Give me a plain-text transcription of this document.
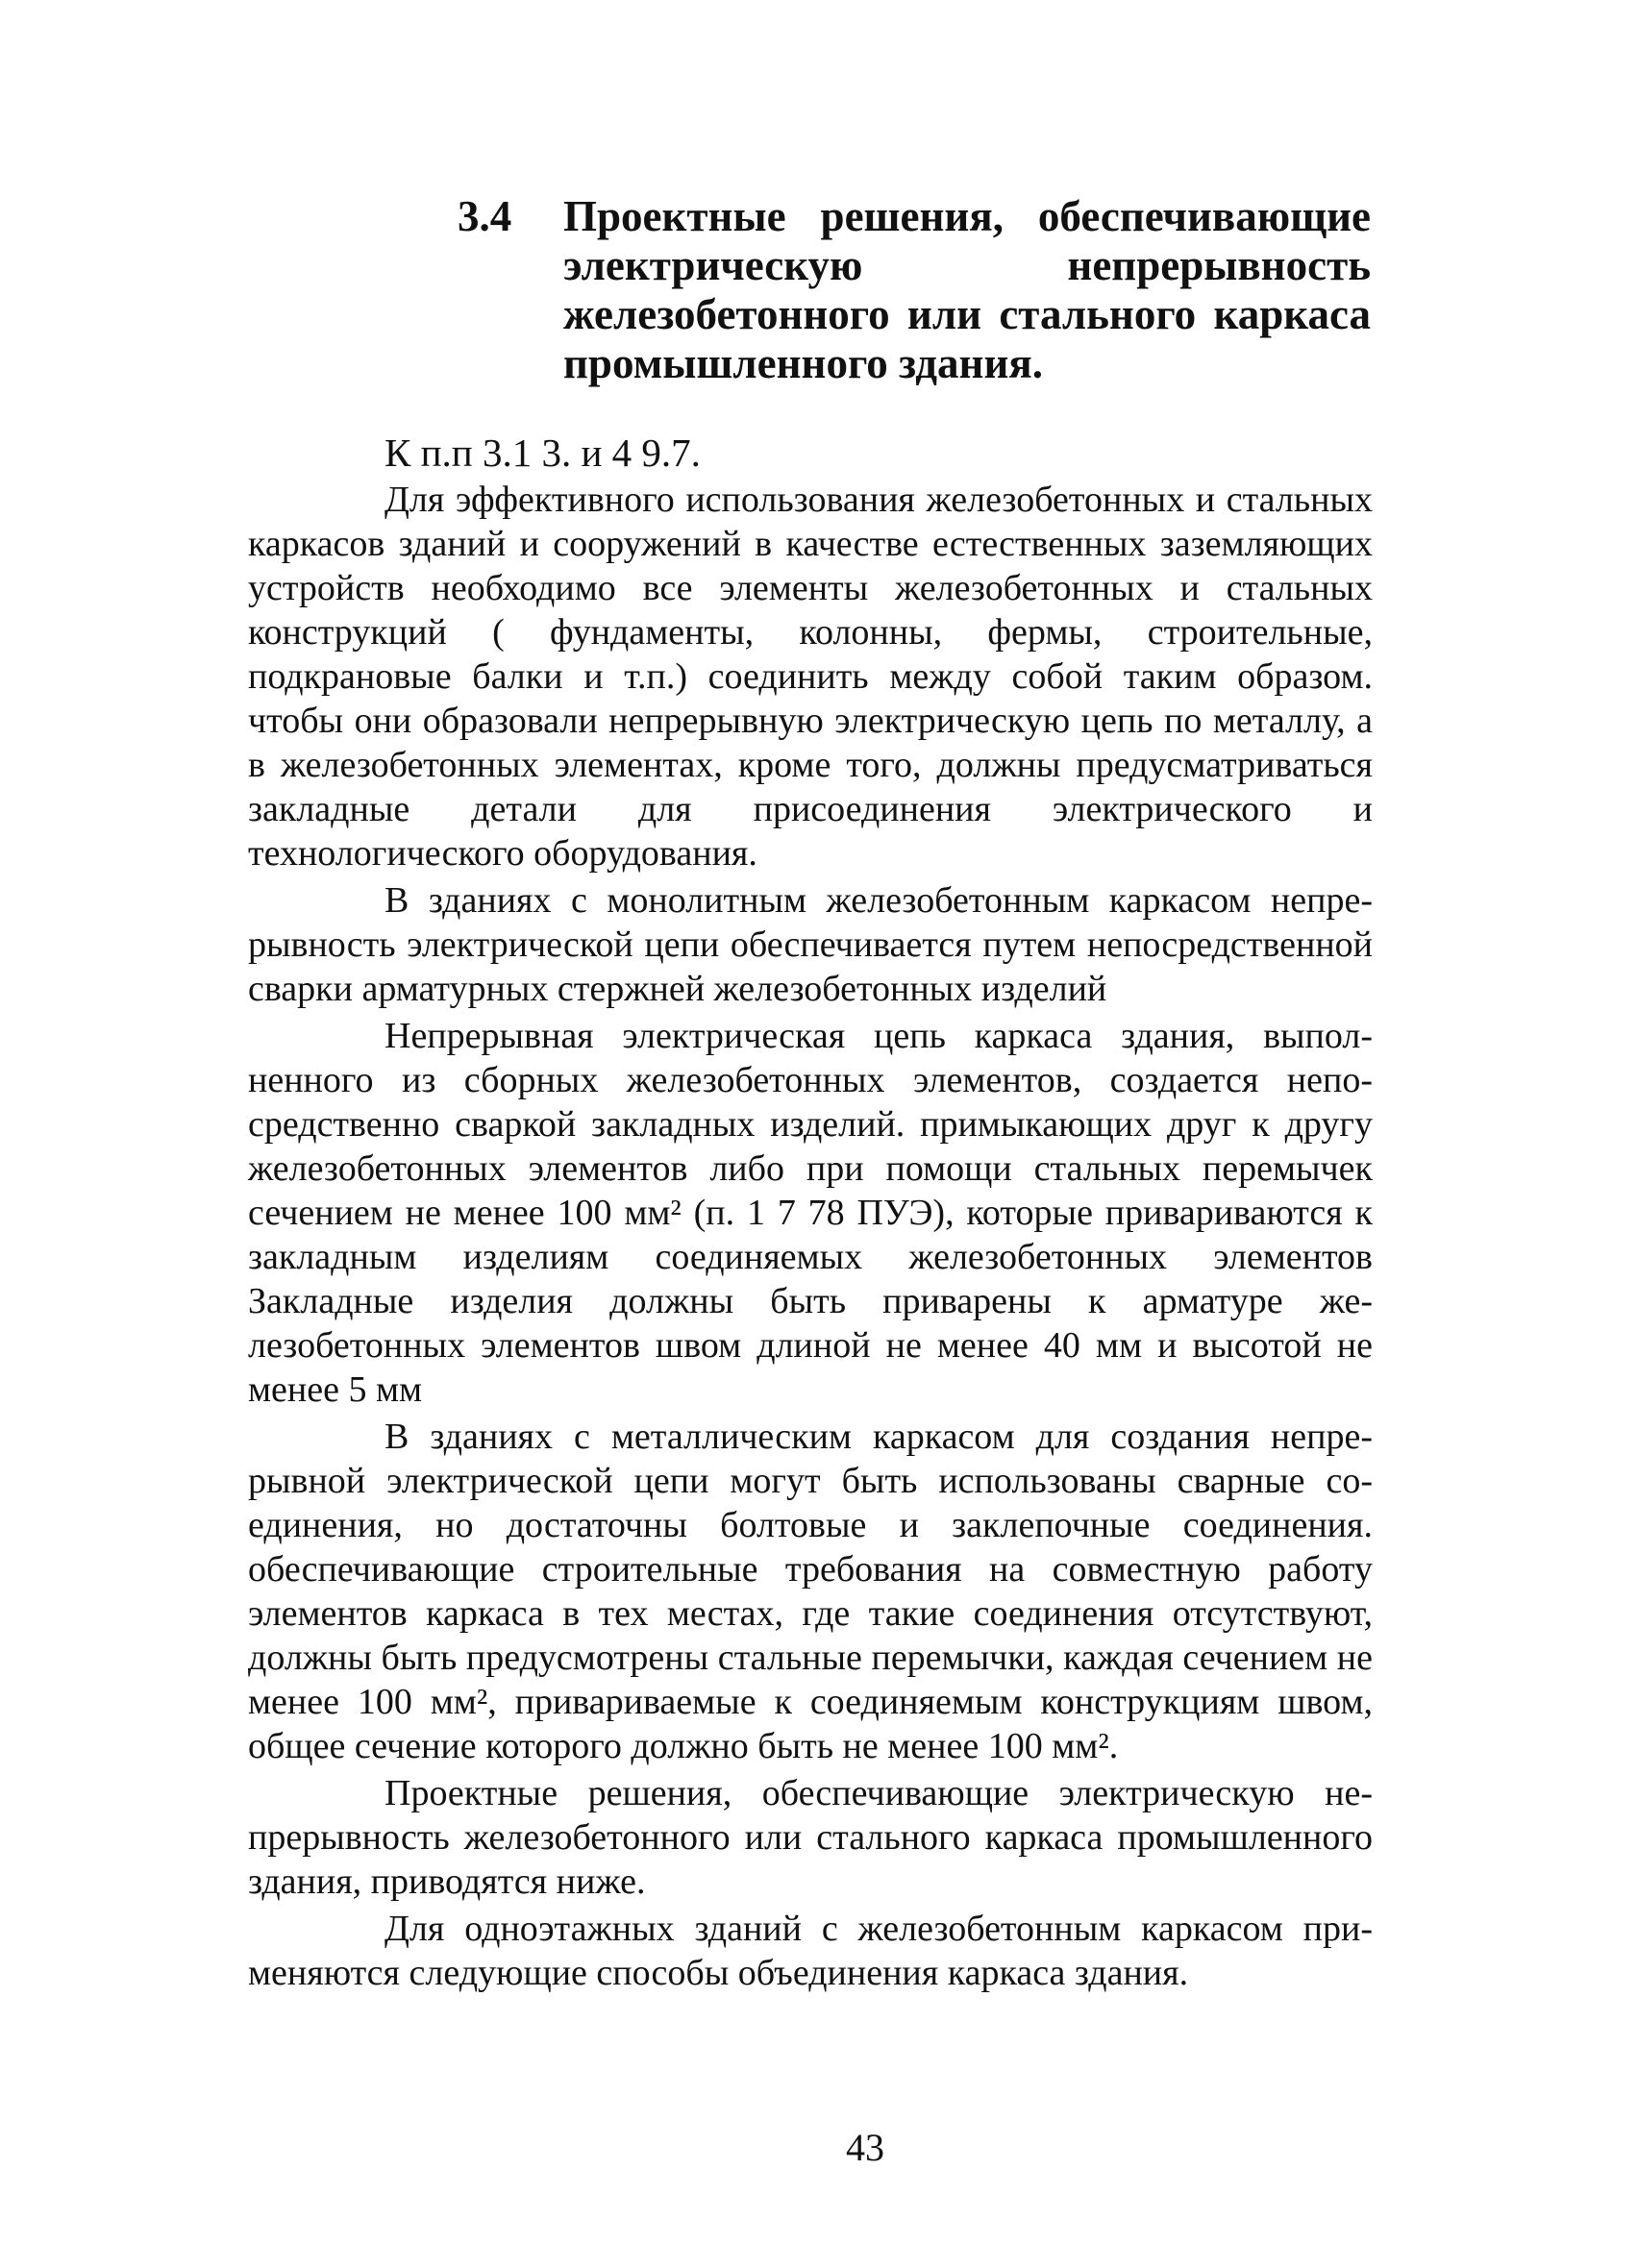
3.4	Проектные решения, обеспечивающие электрическую непрерывность железобетонного или стального каркаса промышленного здания.

К п.п 3.1 3. и 4 9.7.

Для эффективного использования железобетонных и стальных каркасов зданий и сооружений в качестве естественных заземляющих устройств необходимо все элементы железобетонных и стальных конструкций ( фундаменты, колонны, фермы, строительные, подкрановые балки и т.п.) соединить между собой таким образом. чтобы они образовали непрерывную электрическую цепь по металлу, а в железобетонных элементах, кроме того, должны предусматриваться закладные детали для присоединения электрического и технологического оборудования.

В зданиях с монолитным железобетонным каркасом непрерывность электрической цепи обеспечивается путем непосредственной сварки арматурных стержней железобетонных изделий

Непрерывная электрическая цепь каркаса здания, выполненного из сборных железобетонных элементов, создается непосредственно сваркой закладных изделий. примыкающих друг к другу железобетонных элементов либо при помощи стальных перемычек сечением не менее 100 мм² (п. 1 7 78 ПУЭ), которые привариваются к закладным изделиям соединяемых железобетонных элементов Закладные изделия должны быть приварены к арматуре железобетонных элементов швом длиной не менее 40 мм и высотой не менее 5 мм

В зданиях с металлическим каркасом для создания непрерывной электрической цепи могут быть использованы сварные соединения, но достаточны болтовые и заклепочные соединения. обеспечивающие строительные требования на совместную работу элементов каркаса в тех местах, где такие соединения отсутствуют, должны быть предусмотрены стальные перемычки, каждая сечением не менее 100 мм², привариваемые к соединяемым конструкциям швом, общее сечение которого должно быть не менее 100 мм².

Проектные решения, обеспечивающие электрическую непрерывность железобетонного или стального каркаса промышленного здания, приводятся ниже.

Для одноэтажных зданий с железобетонным каркасом применяются следующие способы объединения каркаса здания.

43
